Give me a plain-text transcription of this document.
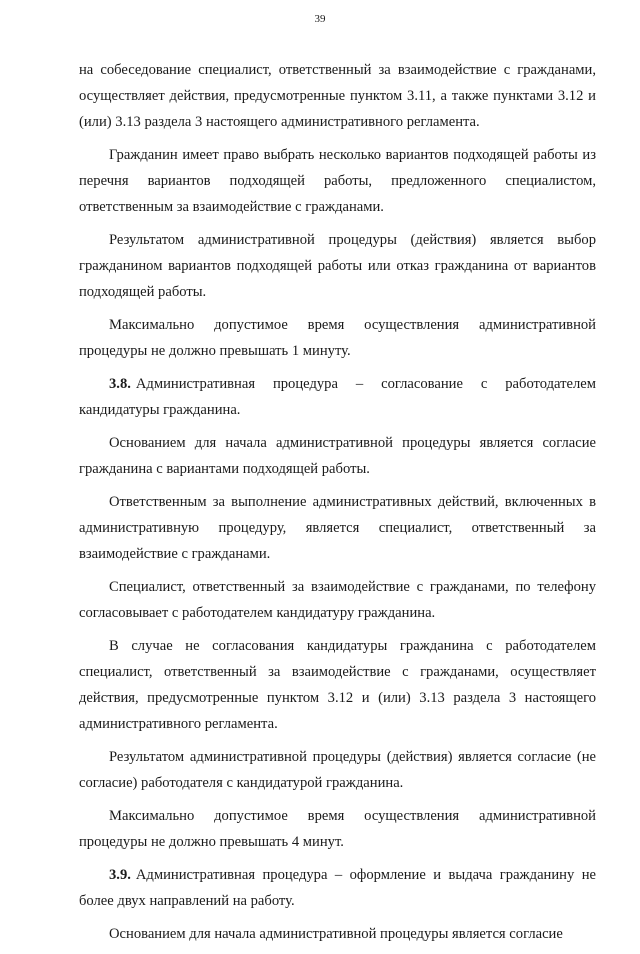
39

на собеседование специалист, ответственный за взаимодействие с гражданами, осуществляет действия, предусмотренные пунктом 3.11, а также пунктами 3.12 и (или) 3.13 раздела 3 настоящего административного регламента.

Гражданин имеет право выбрать несколько вариантов подходящей работы из перечня вариантов подходящей работы, предложенного специалистом, ответственным за взаимодействие с гражданами.

Результатом административной процедуры (действия) является выбор гражданином вариантов подходящей работы или отказ гражданина от вариантов подходящей работы.

Максимально допустимое время осуществления административной процедуры не должно превышать 1 минуту.

3.8. Административная процедура – согласование с работодателем кандидатуры гражданина.

Основанием для начала административной процедуры является согласие гражданина с вариантами подходящей работы.

Ответственным за выполнение административных действий, включенных в административную процедуру, является специалист, ответственный за взаимодействие с гражданами.

Специалист, ответственный за взаимодействие с гражданами, по телефону согласовывает с работодателем кандидатуру гражданина.

В случае не согласования кандидатуры гражданина с работодателем специалист, ответственный за взаимодействие с гражданами, осуществляет действия, предусмотренные пунктом 3.12 и (или) 3.13 раздела 3 настоящего административного регламента.

Результатом административной процедуры (действия) является согласие (не согласие) работодателя с кандидатурой гражданина.

Максимально допустимое время осуществления административной процедуры не должно превышать 4 минут.

3.9. Административная процедура – оформление и выдача гражданину не более двух направлений на работу.

Основанием для начала административной процедуры является согласие
